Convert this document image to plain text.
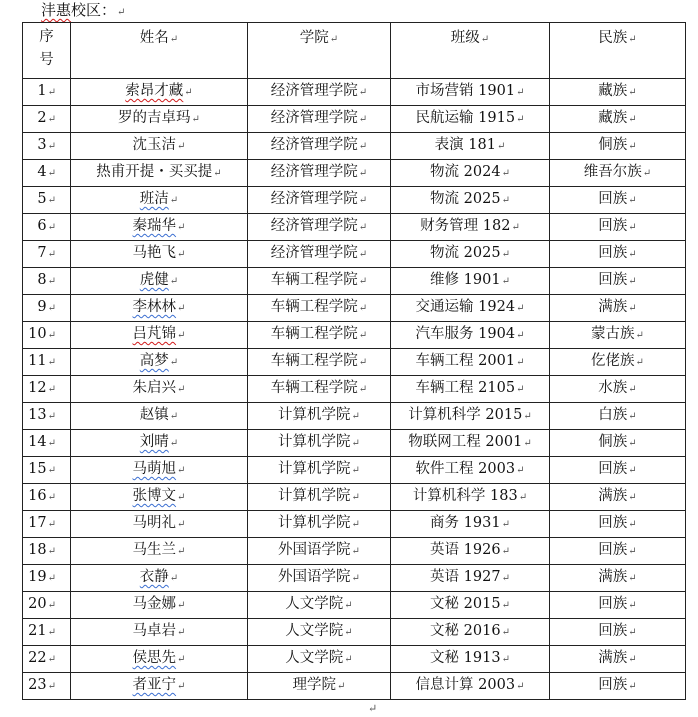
沣惠校区：↵
序
号	姓名↵	学院↵	班级↵	民族↵
1↵	索昂才藏↵	经济管理学院↵	市场营销 1901↵	藏族↵
2↵	罗的吉卓玛↵	经济管理学院↵	民航运输 1915↵	藏族↵
3↵	沈玉洁↵	经济管理学院↵	表演 181↵	侗族↵
4↵	热甫开提・买买提↵	经济管理学院↵	物流 2024↵	维吾尔族↵
5↵	班洁↵	经济管理学院↵	物流 2025↵	回族↵
6↵	秦瑞华↵	经济管理学院↵	财务管理 182↵	回族↵
7↵	马艳飞↵	经济管理学院↵	物流 2025↵	回族↵
8↵	虎健↵	车辆工程学院↵	维修 1901↵	回族↵
9↵	李林林↵	车辆工程学院↵	交通运输 1924↵	满族↵
10↵	吕芃锦↵	车辆工程学院↵	汽车服务 1904↵	蒙古族↵
11↵	高梦↵	车辆工程学院↵	车辆工程 2001↵	仡佬族↵
12↵	朱启兴↵	车辆工程学院↵	车辆工程 2105↵	水族↵
13↵	赵镇↵	计算机学院↵	计算机科学 2015↵	白族↵
14↵	刘晴↵	计算机学院↵	物联网工程 2001↵	侗族↵
15↵	马萌旭↵	计算机学院↵	软件工程 2003↵	回族↵
16↵	张博文↵	计算机学院↵	计算机科学 183↵	满族↵
17↵	马明礼↵	计算机学院↵	商务 1931↵	回族↵
18↵	马生兰↵	外国语学院↵	英语 1926↵	回族↵
19↵	衣静↵	外国语学院↵	英语 1927↵	满族↵
20↵	马金娜↵	人文学院↵	文秘 2015↵	回族↵
21↵	马卓岩↵	人文学院↵	文秘 2016↵	回族↵
22↵	侯思先↵	人文学院↵	文秘 1913↵	满族↵
23↵	者亚宁↵	理学院↵	信息计算 2003↵	回族↵
↵
